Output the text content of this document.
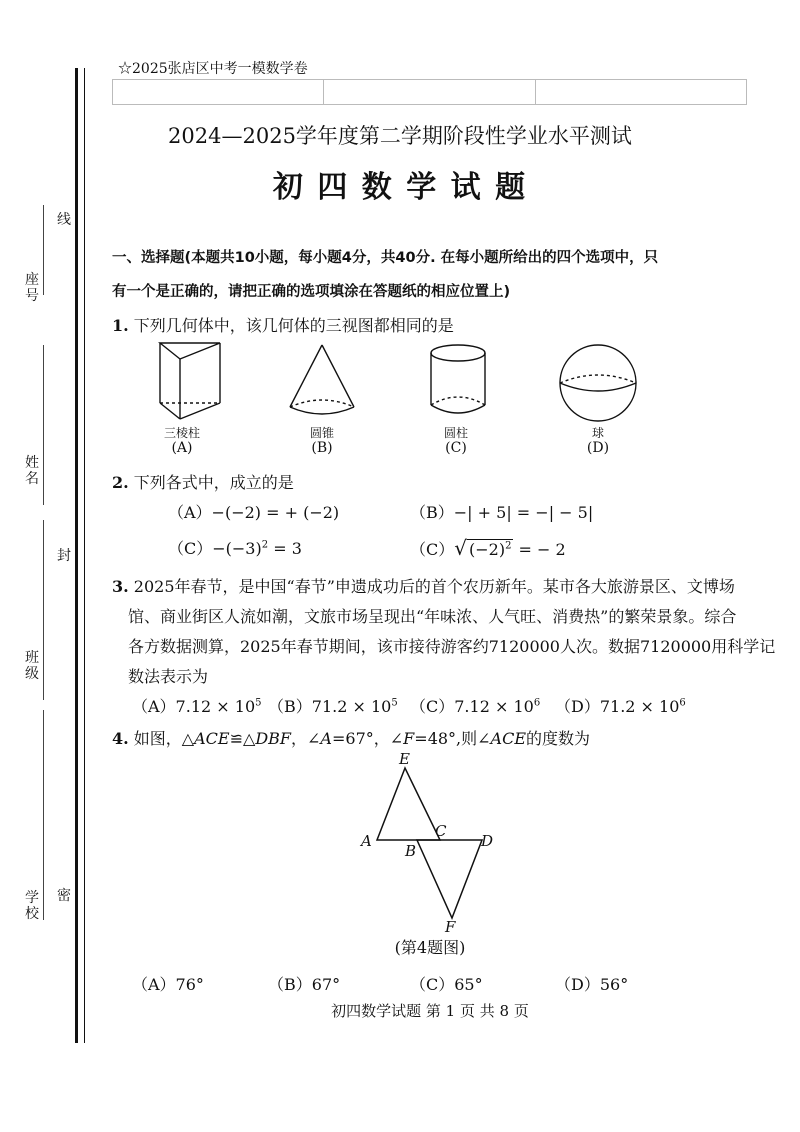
座号
线
姓名
封
班级
学校
密
☆2025张店区中考一模数学卷
2024—2025学年度第二学期阶段性学业水平测试
初 四 数 学 试 题
一、选择题(本题共10小题，每小题4分，共40分. 在每小题所给出的四个选项中，只
有一个是正确的，请把正确的选项填涂在答题纸的相应位置上)
1. 下列几何体中，该几何体的三视图都相同的是
三棱柱
(A)
圆锥
(B)
圆柱
(C)
球
(D)
2. 下列各式中，成立的是
（A）−(−2) = + (−2)	（B）−| + 5| = −| − 5|
$(C)-(-3)^2 = 3$	（C）√ $(-2)^2$ = − 2
3. 2025年春节，是中国“春节”申遗成功后的首个农历新年。某市各大旅游景区、文博场
馆、商业街区人流如潮，文旅市场呈现出“年味浓、人气旺、消费热”的繁荣景象。综合
各方数据测算，2025年春节期间，该市接待游客约7120000人次。数据7120000用科学记
数法表示为
$(A)7.12 \times 10^5$ $(B)71.2 \times 10^5$ $(C)7.12 \times 10^6$ $(D)71.2 \times 10^6$
4. 如图，△ACE≌△DBF，∠A=67°，∠F=48°,则∠ACE的度数为
E
A
C
B
D
F
(第4题图)
（A）76°	（B）67°	（C）65°	（D）56°
初四数学试题 第 1 页 共 8 页
